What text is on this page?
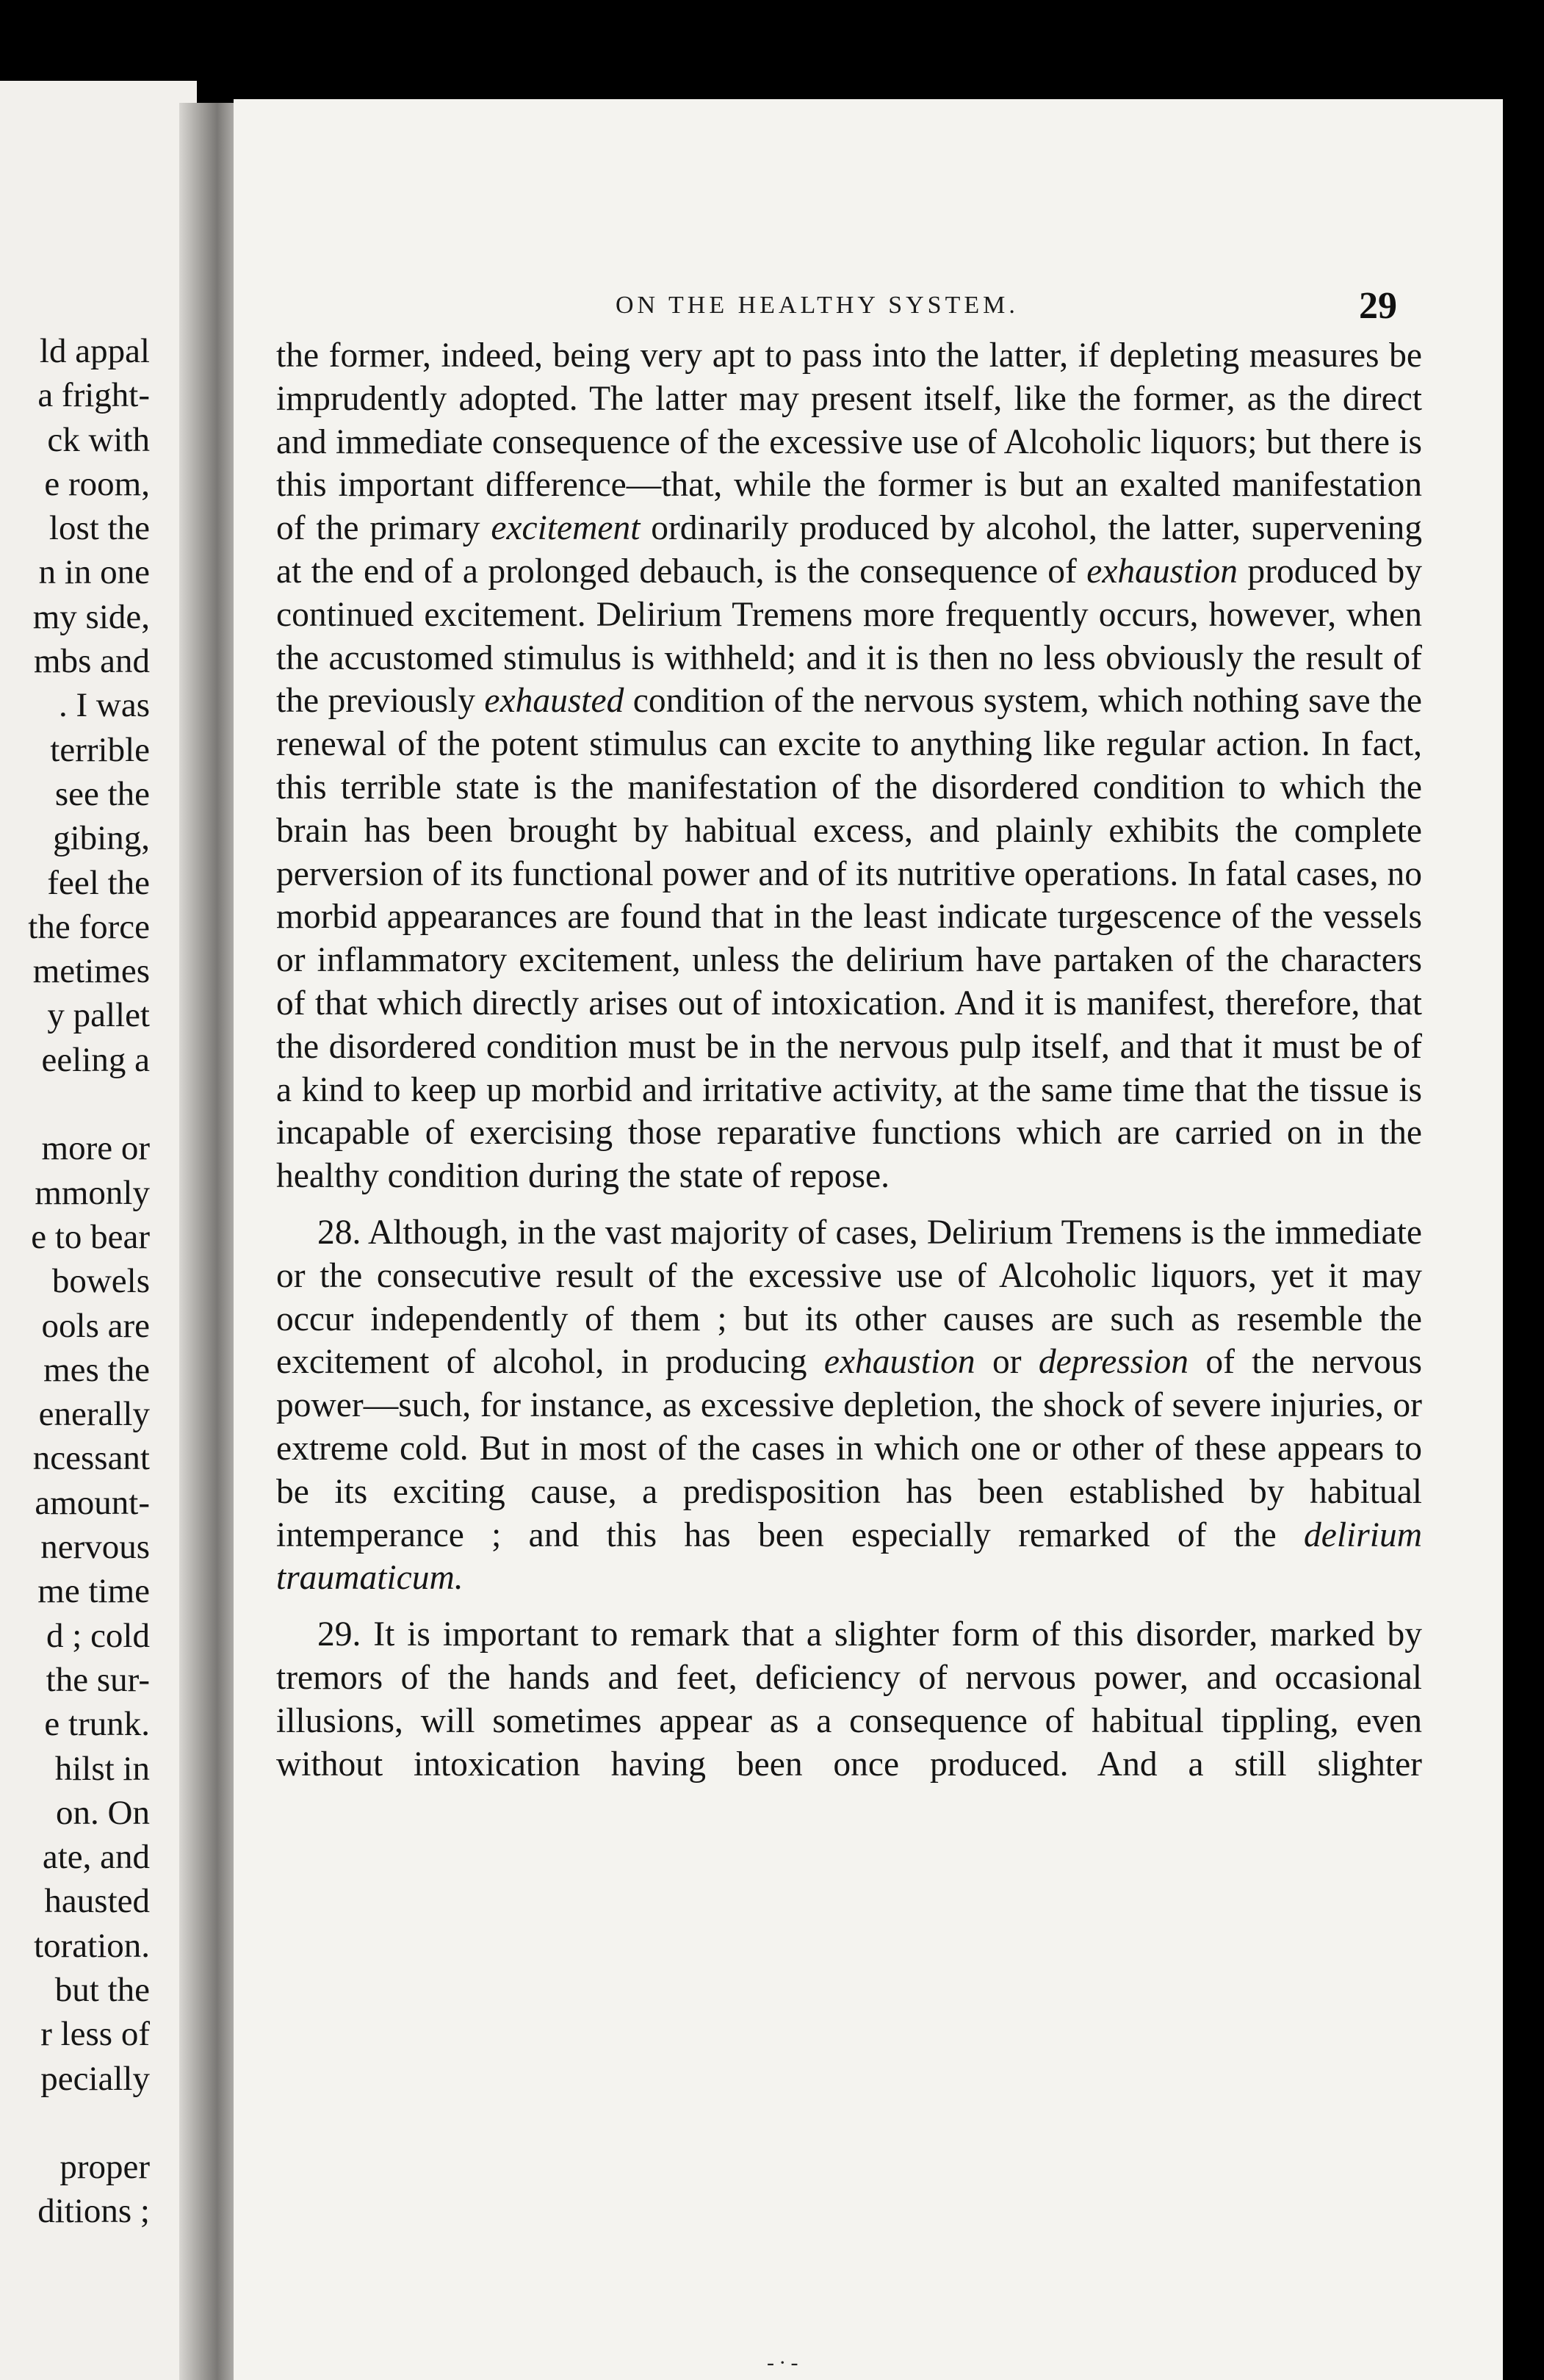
ld appal
a fright-
ck with
e room,
lost the
n in one
my side,
mbs and
. I was
terrible
see the
gibing,
feel the
the force
metimes
y pallet
eeling a
more or
mmonly
e to bear
bowels
ools are
mes the
enerally
ncessant
amount-
nervous
me time
d ; cold
the sur-
e trunk.
hilst in
on. On
ate, and
hausted
toration.
but the
r less of
pecially
proper
ditions ;
ON THE HEALTHY SYSTEM.	29

the former, indeed, being very apt to pass into the latter, if depleting measures be imprudently adopted. The latter may present itself, like the former, as the direct and immediate consequence of the excessive use of Alcoholic liquors; but there is this important difference—that, while the former is but an exalted manifestation of the primary excitement ordinarily produced by alcohol, the latter, supervening at the end of a prolonged debauch, is the consequence of exhaustion produced by continued excitement. Delirium Tremens more frequently occurs, however, when the accustomed stimulus is withheld; and it is then no less obviously the result of the previously exhausted condition of the nervous system, which nothing save the renewal of the potent stimulus can excite to anything like regular action. In fact, this terrible state is the manifestation of the disordered condition to which the brain has been brought by habitual excess, and plainly exhibits the complete perversion of its functional power and of its nutritive operations. In fatal cases, no morbid appearances are found that in the least indicate turgescence of the vessels or inflammatory excitement, unless the delirium have partaken of the characters of that which directly arises out of intoxication. And it is manifest, therefore, that the disordered condition must be in the nervous pulp itself, and that it must be of a kind to keep up morbid and irritative activity, at the same time that the tissue is incapable of exercising those reparative functions which are carried on in the healthy condition during the state of repose.

28. Although, in the vast majority of cases, Delirium Tremens is the immediate or the consecutive result of the excessive use of Alcoholic liquors, yet it may occur independently of them ; but its other causes are such as resemble the excitement of alcohol, in producing exhaustion or depression of the nervous power—such, for instance, as excessive depletion, the shock of severe injuries, or extreme cold. But in most of the cases in which one or other of these appears to be its exciting cause, a predisposition has been established by habitual intemperance ; and this has been especially remarked of the delirium traumaticum.

29. It is important to remark that a slighter form of this disorder, marked by tremors of the hands and feet, deficiency of nervous power, and occasional illusions, will sometimes appear as a consequence of habitual tippling, even without intoxication having been once produced. And a still slighter

- ∙ -
